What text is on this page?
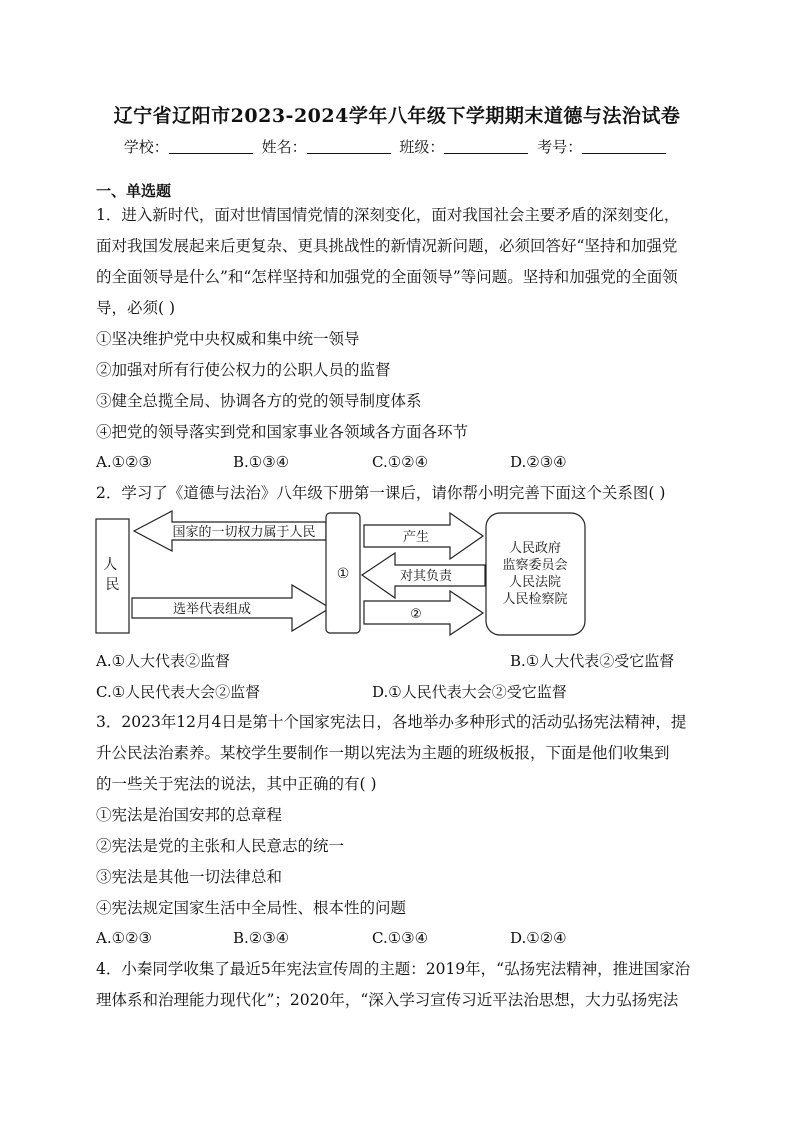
辽宁省辽阳市2023-2024学年八年级下学期期末道德与法治试卷
学校：	姓名：	班级：	考号：
一、单选题
1．进入新时代，面对世情国情党情的深刻变化，面对我国社会主要矛盾的深刻变化，
面对我国发展起来后更复杂、更具挑战性的新情况新问题，必须回答好“坚持和加强党
的全面领导是什么”和“怎样坚持和加强党的全面领导”等问题。坚持和加强党的全面领
导，必须( )
①坚决维护党中央权威和集中统一领导
②加强对所有行使公权力的公职人员的监督
③健全总揽全局、协调各方的党的领导制度体系
④把党的领导落实到党和国家事业各领域各方面各环节
A.①②③	B.①③④	C.①②④	D.②③④
2．学习了《道德与法治》八年级下册第一课后，请你帮小明完善下面这个关系图( )
人 民
国家的一切权力属于人民
选举代表组成
①
产生
对其负责
②
人民政府
监察委员会
人民法院
人民检察院
A.①人大代表②监督	B.①人大代表②受它监督
C.①人民代表大会②监督	D.①人民代表大会②受它监督
3．2023年12月4日是第十个国家宪法日，各地举办多种形式的活动弘扬宪法精神，提
升公民法治素养。某校学生要制作一期以宪法为主题的班级板报，下面是他们收集到
的一些关于宪法的说法，其中正确的有( )
①宪法是治国安邦的总章程
②宪法是党的主张和人民意志的统一
③宪法是其他一切法律总和
④宪法规定国家生活中全局性、根本性的问题
A.①②③	B.②③④	C.①③④	D.①②④
4．小秦同学收集了最近5年宪法宣传周的主题：2019年，“弘扬宪法精神，推进国家治
理体系和治理能力现代化”；2020年，“深入学习宣传习近平法治思想，大力弘扬宪法
